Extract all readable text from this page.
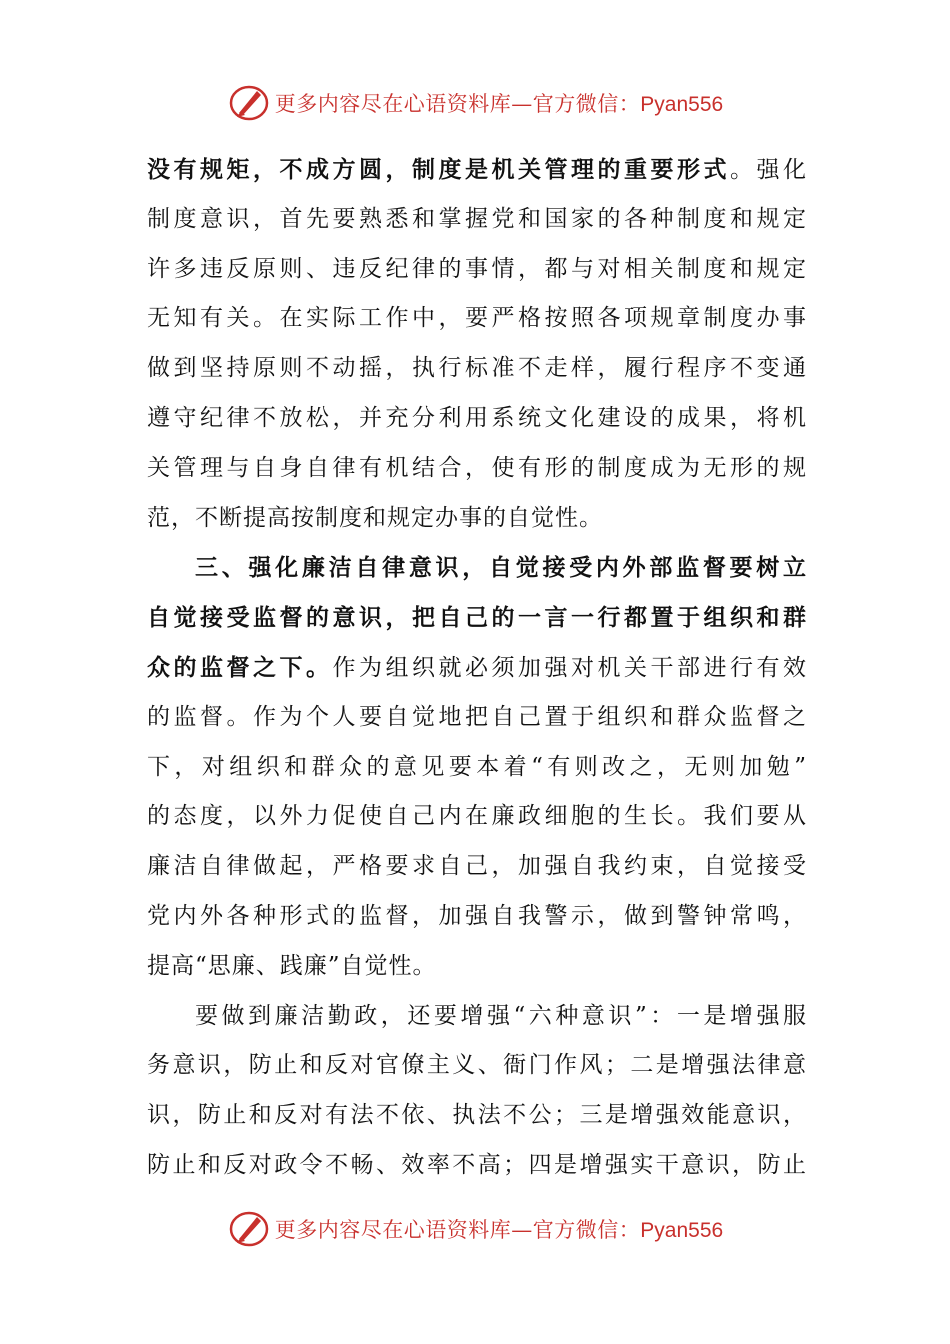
更多内容尽在心语资料库—官方微信：Pyan556
没有规矩，不成方圆，制度是机关管理的重要形式。强化
制度意识，首先要熟悉和掌握党和国家的各种制度和规定
许多违反原则、违反纪律的事情，都与对相关制度和规定
无知有关。在实际工作中，要严格按照各项规章制度办事
做到坚持原则不动摇，执行标准不走样，履行程序不变通
遵守纪律不放松，并充分利用系统文化建设的成果，将机
关管理与自身自律有机结合，使有形的制度成为无形的规
范，不断提高按制度和规定办事的自觉性。
三、强化廉洁自律意识，自觉接受内外部监督要树立
自觉接受监督的意识，把自己的一言一行都置于组织和群
众的监督之下。作为组织就必须加强对机关干部进行有效
的监督。作为个人要自觉地把自己置于组织和群众监督之
下，对组织和群众的意见要本着“有则改之，无则加勉”
的态度，以外力促使自己内在廉政细胞的生长。我们要从
廉洁自律做起，严格要求自己，加强自我约束，自觉接受
党内外各种形式的监督，加强自我警示，做到警钟常鸣，
提高“思廉、践廉”自觉性。
要做到廉洁勤政，还要增强“六种意识”：一是增强服
务意识，防止和反对官僚主义、衙门作风；二是增强法律意
识，防止和反对有法不依、执法不公；三是增强效能意识，
防止和反对政令不畅、效率不高；四是增强实干意识，防止
更多内容尽在心语资料库—官方微信：Pyan556
